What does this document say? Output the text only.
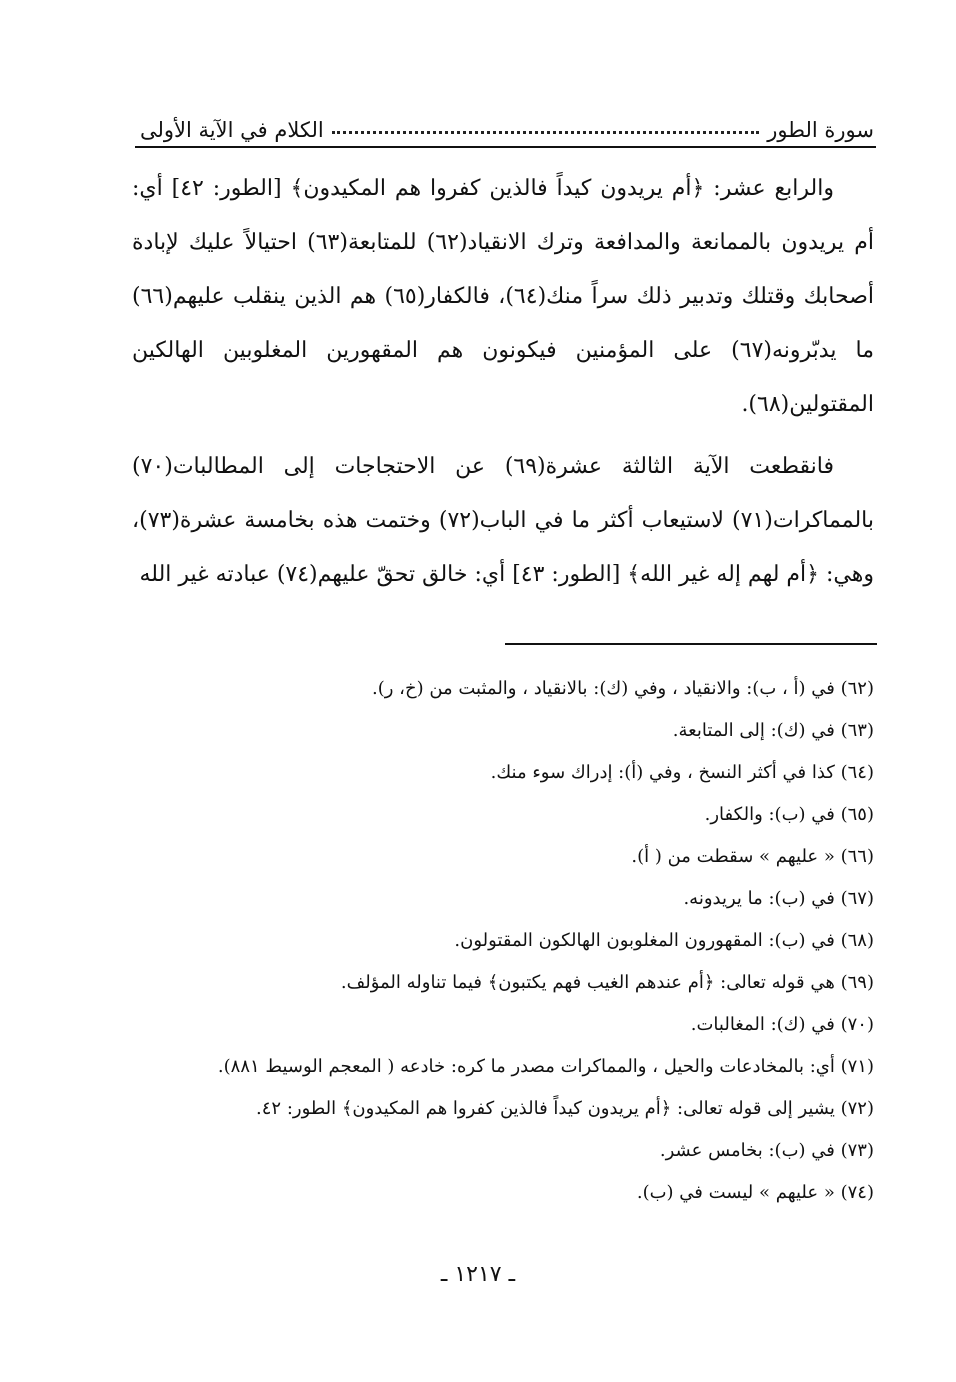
سورة الطور
الكلام في الآية الأولى

والرابع عشر: ﴿أم يريدون كيداً فالذين كفروا هم المكيدون﴾ [الطور: ٤٢] أي: أم يريدون بالممانعة والمدافعة وترك الانقياد(٦٢) للمتابعة(٦٣) احتيالاً عليك لإبادة أصحابك وقتلك وتدبير ذلك سراً منك(٦٤)، فالكفار(٦٥) هم الذين ينقلب عليهم(٦٦) ما يدبّرونه(٦٧) على المؤمنين فيكونون هم المقهورين المغلوبين الهالكين المقتولين(٦٨).

فانقطعت الآية الثالثة عشرة(٦٩) عن الاحتجاجات إلى المطالبات(٧٠) بالمماكرات(٧١) لاستيعاب أكثر ما في الباب(٧٢) وختمت هذه بخامسة عشرة(٧٣)، وهي: ﴿أم لهم إله غير الله﴾ [الطور: ٤٣] أي: خالق تحقّ عليهم(٧٤) عبادته غير الله

(٦٢) في (أ ، ب): والانقياد ، وفي (ك): بالانقياد ، والمثبت من (خ، ر).
(٦٣) في (ك): إلى المتابعة.
(٦٤) كذا في أكثر النسخ ، وفي (أ): إدراك سوء منك.
(٦٥) في (ب): والكفار.
(٦٦) « عليهم » سقطت من ( أ).
(٦٧) في (ب): ما يريدونه.
(٦٨) في (ب): المقهورون المغلوبون الهالكون المقتولون.
(٦٩) هي قوله تعالى: ﴿أم عندهم الغيب فهم يكتبون﴾ فيما تناوله المؤلف.
(٧٠) في (ك): المغالبات.
(٧١) أي: بالمخادعات والحيل ، والمماكرات مصدر ما كره: خادعه ( المعجم الوسيط ٨٨١).
(٧٢) يشير إلى قوله تعالى: ﴿أم يريدون كيداً فالذين كفروا هم المكيدون﴾ الطور: ٤٢.
(٧٣) في (ب): بخامس عشر.
(٧٤) « عليهم » ليست في (ب).
ـ ١٢١٧ ـ
